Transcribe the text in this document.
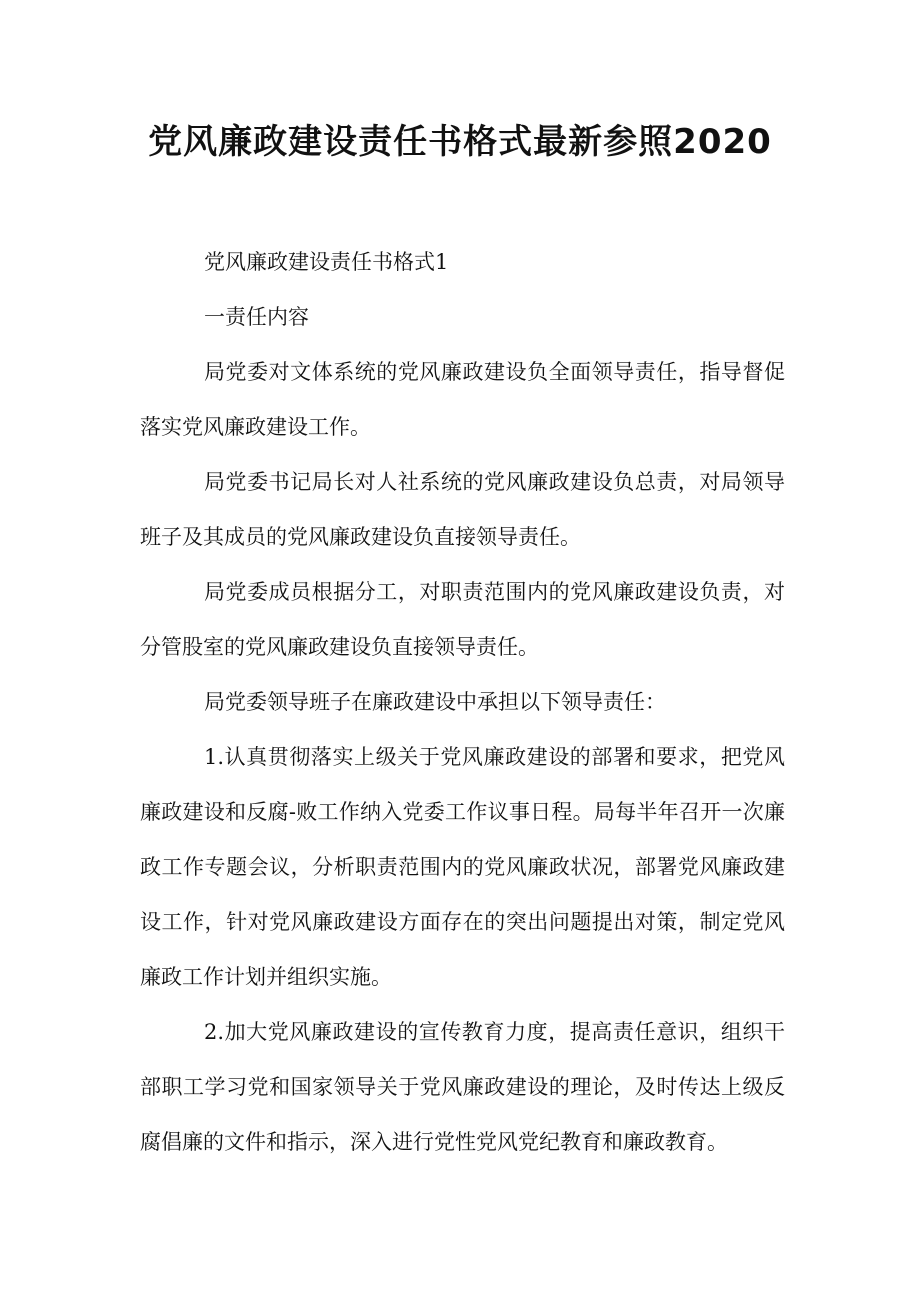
党风廉政建设责任书格式最新参照2020

党风廉政建设责任书格式1

一责任内容

局党委对文体系统的党风廉政建设负全面领导责任，指导督促落实党风廉政建设工作。

局党委书记局长对人社系统的党风廉政建设负总责，对局领导班子及其成员的党风廉政建设负直接领导责任。

局党委成员根据分工，对职责范围内的党风廉政建设负责，对分管股室的党风廉政建设负直接领导责任。

局党委领导班子在廉政建设中承担以下领导责任：

1.认真贯彻落实上级关于党风廉政建设的部署和要求，把党风廉政建设和反腐-败工作纳入党委工作议事日程。局每半年召开一次廉政工作专题会议，分析职责范围内的党风廉政状况，部署党风廉政建设工作，针对党风廉政建设方面存在的突出问题提出对策，制定党风廉政工作计划并组织实施。

2.加大党风廉政建设的宣传教育力度，提高责任意识，组织干部职工学习党和国家领导关于党风廉政建设的理论，及时传达上级反腐倡廉的文件和指示，深入进行党性党风党纪教育和廉政教育。
